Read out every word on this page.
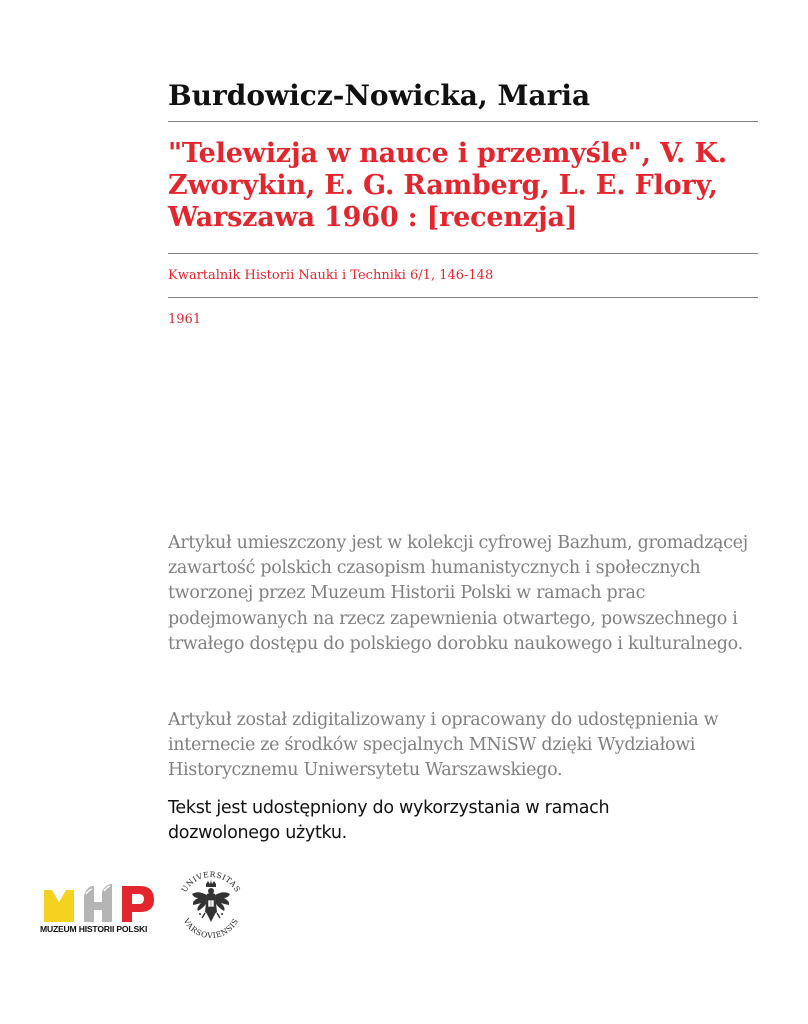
Burdowicz-Nowicka, Maria
"Telewizja w nauce i przemyśle", V. K. Zworykin, E. G. Ramberg, L. E. Flory, Warszawa 1960 : [recenzja]
Kwartalnik Historii Nauki i Techniki 6/1, 146-148
1961

Artykuł umieszczony jest w kolekcji cyfrowej Bazhum, gromadzącej zawartość polskich czasopism humanistycznych i społecznych tworzonej przez Muzeum Historii Polski w ramach prac podejmowanych na rzecz zapewnienia otwartego, powszechnego i trwałego dostępu do polskiego dorobku naukowego i kulturalnego.

Artykuł został zdigitalizowany i opracowany do udostępnienia w internecie ze środków specjalnych MNiSW dzięki Wydziałowi Historycznemu Uniwersytetu Warszawskiego.

Tekst jest udostępniony do wykorzystania w ramach dozwolonego użytku.

MUZEUM HISTORII POLSKI
UNIVERSITAS
VARSOVIENSIS
